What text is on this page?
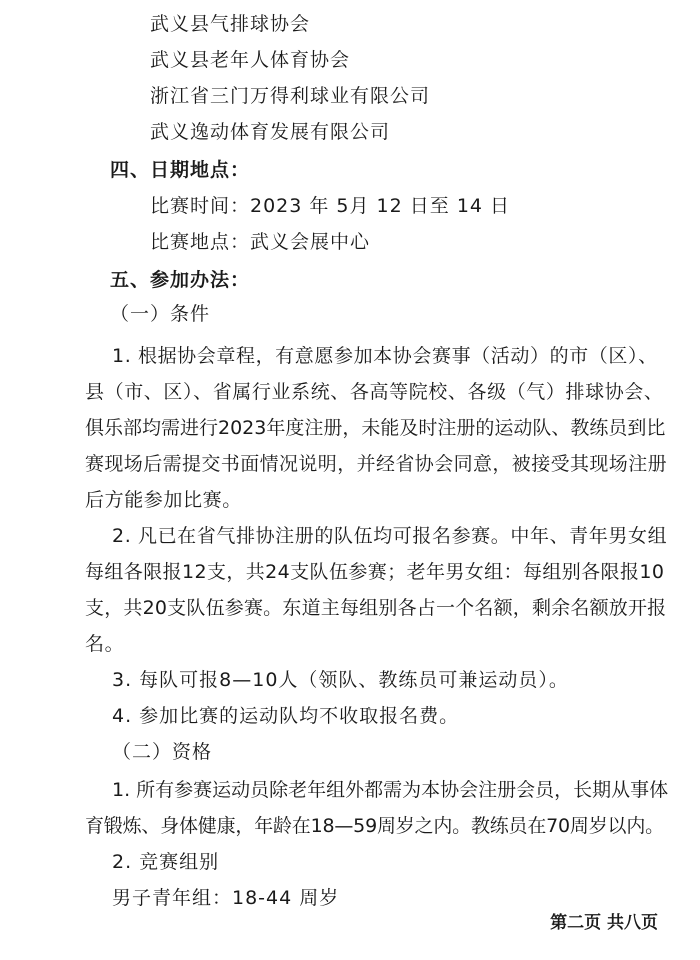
武义县气排球协会
武义县老年人体育协会
浙江省三门万得利球业有限公司
武义逸动体育发展有限公司
四、日期地点：
比赛时间：2023 年 5月 12 日至 14 日
比赛地点：武义会展中心
五、参加办法：
（一）条件
1. 根据协会章程，有意愿参加本协会赛事（活动）的市（区）、
县（市、区）、省属行业系统、各高等院校、各级（气）排球协会、
俱乐部均需进行2023年度注册，未能及时注册的运动队、教练员到比
赛现场后需提交书面情况说明，并经省协会同意，被接受其现场注册
后方能参加比赛。
2. 凡已在省气排协注册的队伍均可报名参赛。中年、青年男女组
每组各限报12支，共24支队伍参赛；老年男女组：每组别各限报10
支，共20支队伍参赛。东道主每组别各占一个名额，剩余名额放开报
名。
3. 每队可报8—10人（领队、教练员可兼运动员）。
4. 参加比赛的运动队均不收取报名费。
（二）资格
1. 所有参赛运动员除老年组外都需为本协会注册会员，长期从事体
育锻炼、身体健康，年龄在18—59周岁之内。教练员在70周岁以内。
2. 竞赛组别
男子青年组：18-44 周岁
第二页 共八页
